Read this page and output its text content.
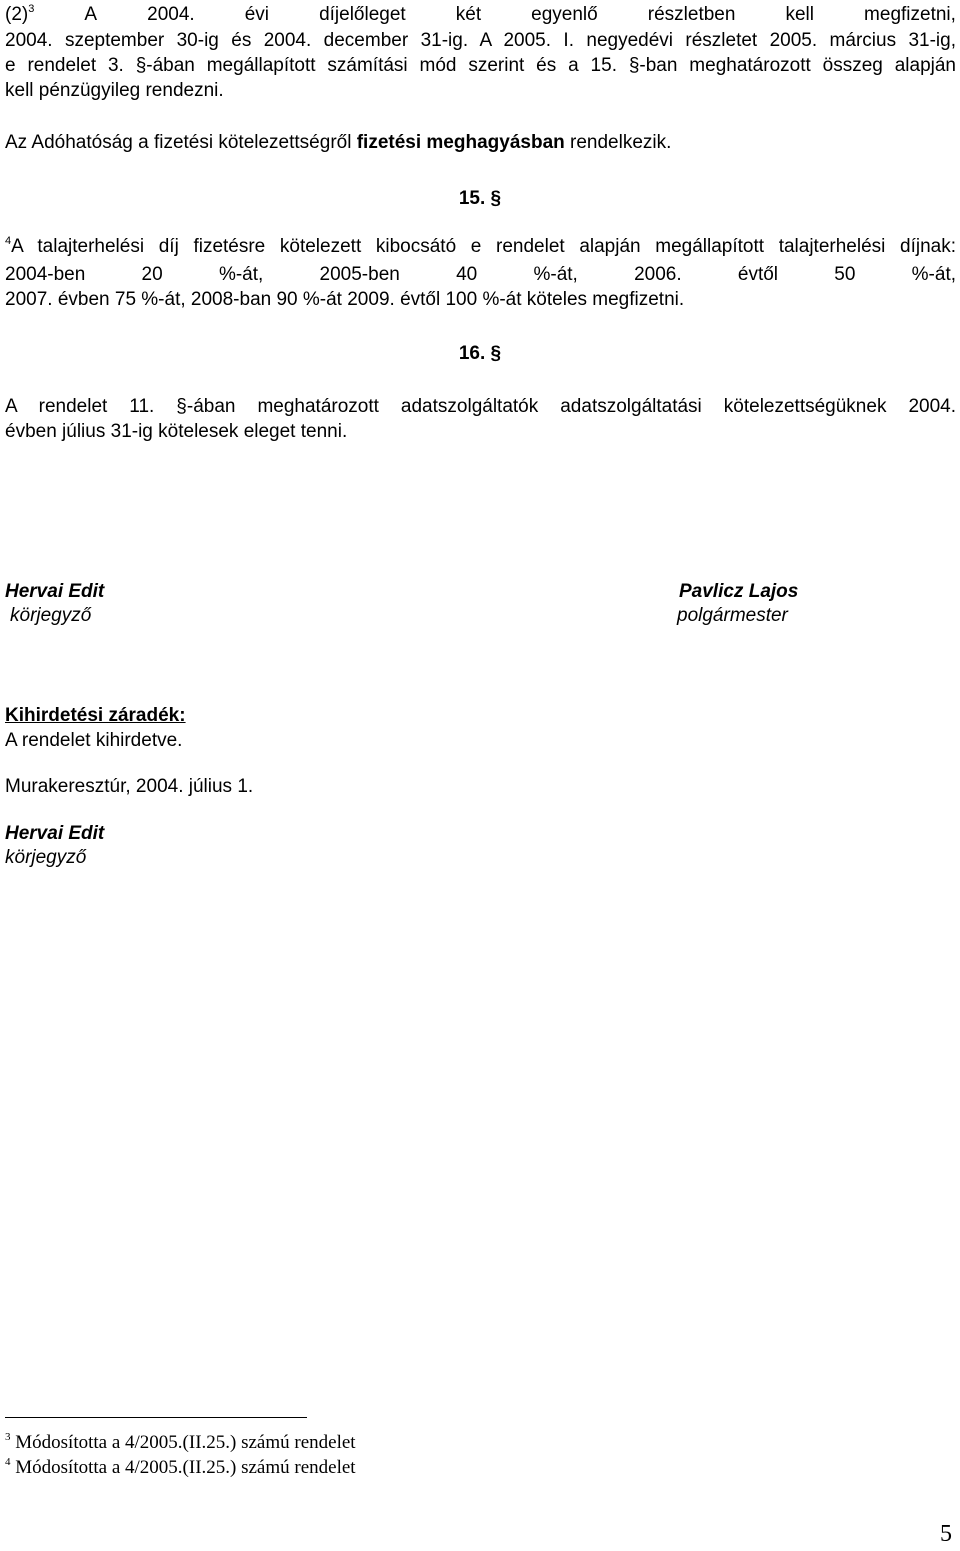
(2)$^3$	A	2004.	évi	díjelőleget	két	egyenlő	részletben	kell	megfizetni,
2004. szeptember 30-ig és 2004. december 31-ig. A 2005. I. negyedévi részletet 2005. március 31-ig,
e rendelet 3. §-ában megállapított számítási mód szerint és a 15. §-ban meghatározott összeg alapján
kell pénzügyileg rendezni.
Az Adóhatóság a fizetési kötelezettségről fizetési meghagyásban rendelkezik.
15. §
$^4$A talajterhelési díj fizetésre kötelezett kibocsátó e rendelet alapján megállapított talajterhelési díjnak:
2004-ben 20 %-át, 2005-ben 40 %-át, 2006. évtől 50 %-át,
2007. évben 75 %-át, 2008-ban 90 %-át 2009. évtől 100 %-át köteles megfizetni.
16. §
A rendelet 11. §-ában meghatározott adatszolgáltatók adatszolgáltatási kötelezettségüknek 2004.
évben július 31-ig kötelesek eleget tenni.
Hervai Edit
körjegyző
Pavlicz Lajos
polgármester
Kihirdetési záradék:
A rendelet kihirdetve.
Murakeresztúr, 2004. július 1.
Hervai Edit
körjegyző
$^3$ Módosította a 4/2005.(II.25.) számú rendelet
$^4$ Módosította a 4/2005.(II.25.) számú rendelet
5
